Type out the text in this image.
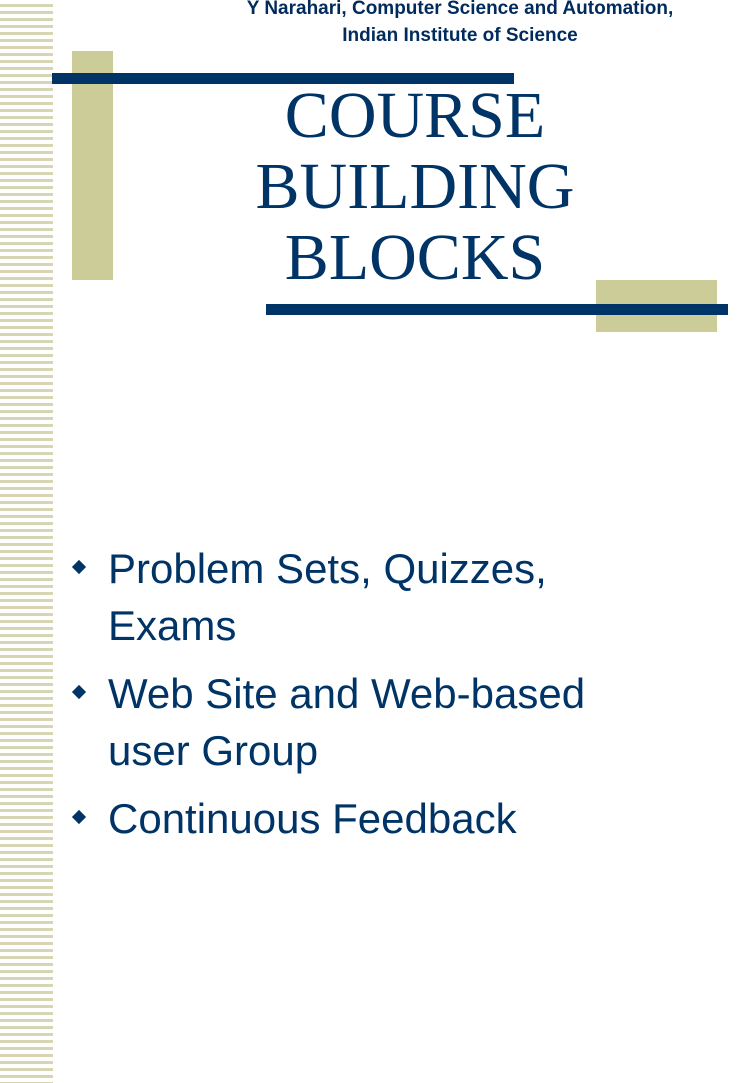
Y Narahari, Computer Science and Automation,
Indian Institute of Science
COURSE
BUILDING
BLOCKS
Problem Sets, Quizzes,
Exams
Web Site and Web-based
user Group
Continuous Feedback
